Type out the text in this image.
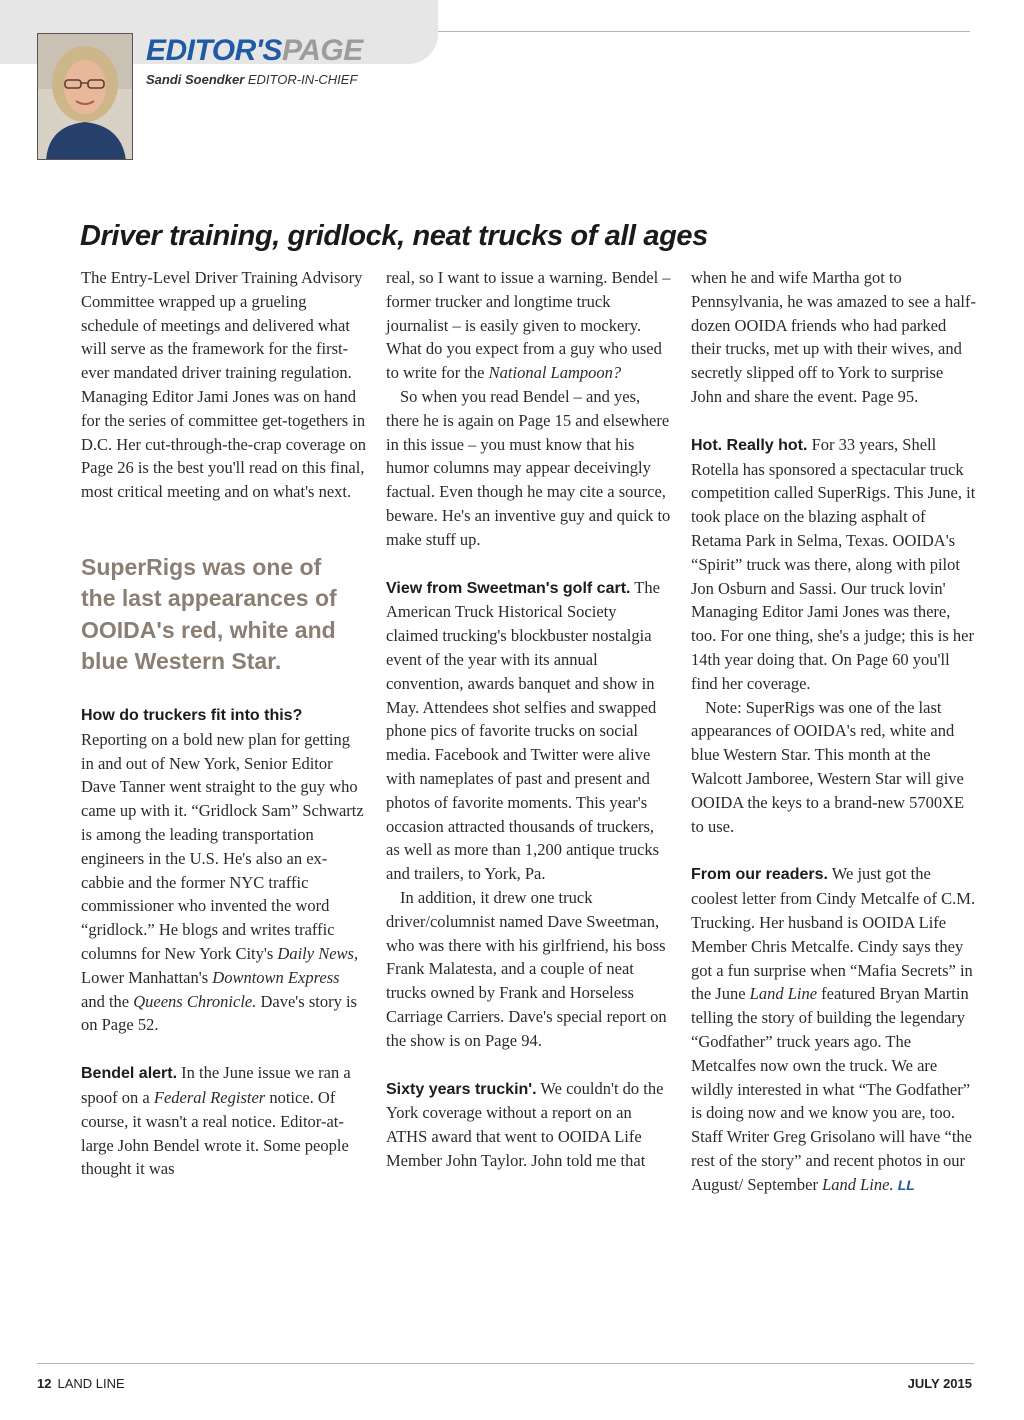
EDITOR'SPAGE
Sandi Soendker EDITOR-IN-CHIEF
Driver training, gridlock, neat trucks of all ages

The Entry-Level Driver Training Advisory Committee wrapped up a grueling schedule of meetings and delivered what will serve as the framework for the first-ever mandated driver training regulation. Managing Editor Jami Jones was on hand for the series of committee get-togethers in D.C. Her cut-through-the-crap coverage on Page 26 is the best you'll read on this final, most critical meeting and on what's next.

SuperRigs was one of the last appearances of OOIDA's red, white and blue Western Star.

How do truckers fit into this?

Reporting on a bold new plan for getting in and out of New York, Senior Editor Dave Tanner went straight to the guy who came up with it. “Gridlock Sam” Schwartz is among the leading transportation engineers in the U.S. He's also an ex-cabbie and the former NYC traffic commissioner who invented the word “gridlock.” He blogs and writes traffic columns for New York City's Daily News, Lower Manhattan's Downtown Express and the Queens Chronicle. Dave's story is on Page 52.

Bendel alert. In the June issue we ran a spoof on a Federal Register notice. Of course, it wasn't a real notice. Editor-at-large John Bendel wrote it. Some people thought it was

real, so I want to issue a warning. Bendel – former trucker and longtime truck journalist – is easily given to mockery. What do you expect from a guy who used to write for the National Lampoon?

So when you read Bendel – and yes, there he is again on Page 15 and elsewhere in this issue – you must know that his humor columns may appear deceivingly factual. Even though he may cite a source, beware. He's an inventive guy and quick to make stuff up.

View from Sweetman's golf cart. The American Truck Historical Society claimed trucking's blockbuster nostalgia event of the year with its annual convention, awards banquet and show in May. Attendees shot selfies and swapped phone pics of favorite trucks on social media. Facebook and Twitter were alive with nameplates of past and present and photos of favorite moments. This year's occasion attracted thousands of truckers, as well as more than 1,200 antique trucks and trailers, to York, Pa.

In addition, it drew one truck driver/columnist named Dave Sweetman, who was there with his girlfriend, his boss Frank Malatesta, and a couple of neat trucks owned by Frank and Horseless Carriage Carriers. Dave's special report on the show is on Page 94.

Sixty years truckin'. We couldn't do the York coverage without a report on an ATHS award that went to OOIDA Life Member John Taylor. John told me that

when he and wife Martha got to Pennsylvania, he was amazed to see a half-dozen OOIDA friends who had parked their trucks, met up with their wives, and secretly slipped off to York to surprise John and share the event. Page 95.

Hot. Really hot. For 33 years, Shell Rotella has sponsored a spectacular truck competition called SuperRigs. This June, it took place on the blazing asphalt of Retama Park in Selma, Texas. OOIDA's “Spirit” truck was there, along with pilot Jon Osburn and Sassi. Our truck lovin' Managing Editor Jami Jones was there, too. For one thing, she's a judge; this is her 14th year doing that. On Page 60 you'll find her coverage.

Note: SuperRigs was one of the last appearances of OOIDA's red, white and blue Western Star. This month at the Walcott Jamboree, Western Star will give OOIDA the keys to a brand-new 5700XE to use.

From our readers. We just got the coolest letter from Cindy Metcalfe of C.M. Trucking. Her husband is OOIDA Life Member Chris Metcalfe. Cindy says they got a fun surprise when “Mafia Secrets” in the June Land Line featured Bryan Martin telling the story of building the legendary “Godfather” truck years ago. The Metcalfes now own the truck. We are wildly interested in what “The Godfather” is doing now and we know you are, too. Staff Writer Greg Grisolano will have “the rest of the story” and recent photos in our August/ September Land Line. LL

12 LAND LINE	JULY 2015
